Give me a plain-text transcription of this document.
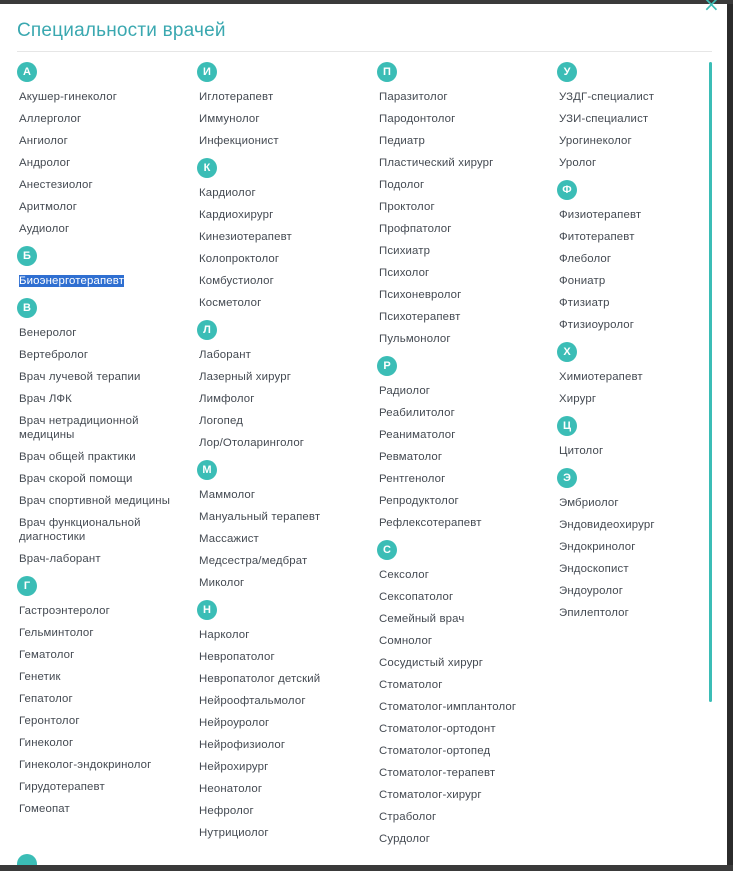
Специальности врачей
А
Акушер-гинеколог
Аллерголог
Ангиолог
Андролог
Анестезиолог
Аритмолог
Аудиолог
Б
Биоэнерготерапевт
В
Венеролог
Вертебролог
Врач лучевой терапии
Врач ЛФК
Врач нетрадиционной медицины
Врач общей практики
Врач скорой помощи
Врач спортивной медицины
Врач функциональной диагностики
Врач-лаборант
Г
Гастроэнтеролог
Гельминтолог
Гематолог
Генетик
Гепатолог
Геронтолог
Гинеколог
Гинеколог-эндокринолог
Гирудотерапевт
Гомеопат
И
Иглотерапевт
Иммунолог
Инфекционист
К
Кардиолог
Кардиохирург
Кинезиотерапевт
Колопроктолог
Комбустиолог
Косметолог
Л
Лаборант
Лазерный хирург
Лимфолог
Логопед
Лор/Отоларинголог
М
Маммолог
Мануальный терапевт
Массажист
Медсестра/медбрат
Миколог
Н
Нарколог
Невропатолог
Невропатолог детский
Нейроофтальмолог
Нейроуролог
Нейрофизиолог
Нейрохирург
Неонатолог
Нефролог
Нутрициолог
П
Паразитолог
Пародонтолог
Педиатр
Пластический хирург
Подолог
Проктолог
Профпатолог
Психиатр
Психолог
Психоневролог
Психотерапевт
Пульмонолог
Р
Радиолог
Реабилитолог
Реаниматолог
Ревматолог
Рентгенолог
Репродуктолог
Рефлексотерапевт
С
Сексолог
Сексопатолог
Семейный врач
Сомнолог
Сосудистый хирург
Стоматолог
Стоматолог-имплантолог
Стоматолог-ортодонт
Стоматолог-ортопед
Стоматолог-терапевт
Стоматолог-хирург
Страболог
Сурдолог
У
УЗДГ-специалист
УЗИ-специалист
Урогинеколог
Уролог
Ф
Физиотерапевт
Фитотерапевт
Флеболог
Фониатр
Фтизиатр
Фтизиоуролог
Х
Химиотерапевт
Хирург
Ц
Цитолог
Э
Эмбриолог
Эндовидеохирург
Эндокринолог
Эндоскопист
Эндоуролог
Эпилептолог
×
